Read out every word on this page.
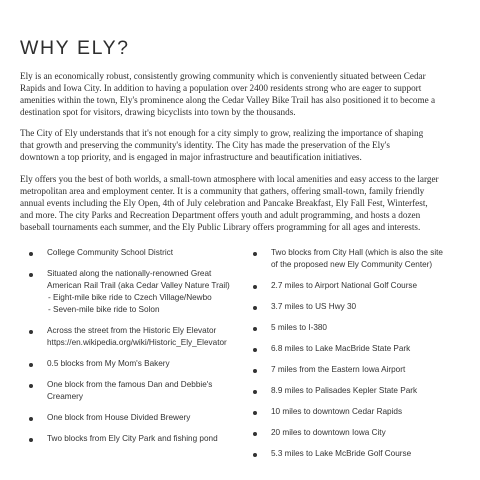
WHY ELY?

Ely is an economically robust, consistently growing community which is conveniently situated between Cedar
Rapids and Iowa City. In addition to having a population over 2400 residents strong who are eager to support
amenities within the town, Ely's prominence along the Cedar Valley Bike Trail has also positioned it to become a
destination spot for visitors, drawing bicyclists into town by the thousands.

The City of Ely understands that it's not enough for a city simply to grow, realizing the importance of shaping
that growth and preserving the community's identity. The City has made the preservation of the Ely's
downtown a top priority, and is engaged in major infrastructure and beautification initiatives.

Ely offers you the best of both worlds, a small-town atmosphere with local amenities and easy access to the larger
metropolitan area and employment center. It is a community that gathers, offering small-town, family friendly
annual events including the Ely Open, 4th of July celebration and Pancake Breakfast, Ely Fall Fest, Winterfest,
and more. The city Parks and Recreation Department offers youth and adult programming, and hosts a dozen
baseball tournaments each summer, and the Ely Public Library offers programming for all ages and interests.

College Community School District
Situated along the nationally-renowned Great
American Rail Trail (aka Cedar Valley Nature Trail)
- Eight-mile bike ride to Czech Village/Newbo
- Seven-mile bike ride to Solon
Across the street from the Historic Ely Elevator
https://en.wikipedia.org/wiki/Historic_Ely_Elevator
0.5 blocks from My Mom's Bakery
One block from the famous Dan and Debbie's
Creamery
One block from House Divided Brewery
Two blocks from Ely City Park and fishing pond
Two blocks from City Hall (which is also the site
of the proposed new Ely Community Center)
2.7 miles to Airport National Golf Course
3.7 miles to US Hwy 30
5 miles to I-380
6.8 miles to Lake MacBride State Park
7 miles from the Eastern Iowa Airport
8.9 miles to Palisades Kepler State Park
10 miles to downtown Cedar Rapids
20 miles to downtown Iowa City
5.3 miles to Lake McBride Golf Course
